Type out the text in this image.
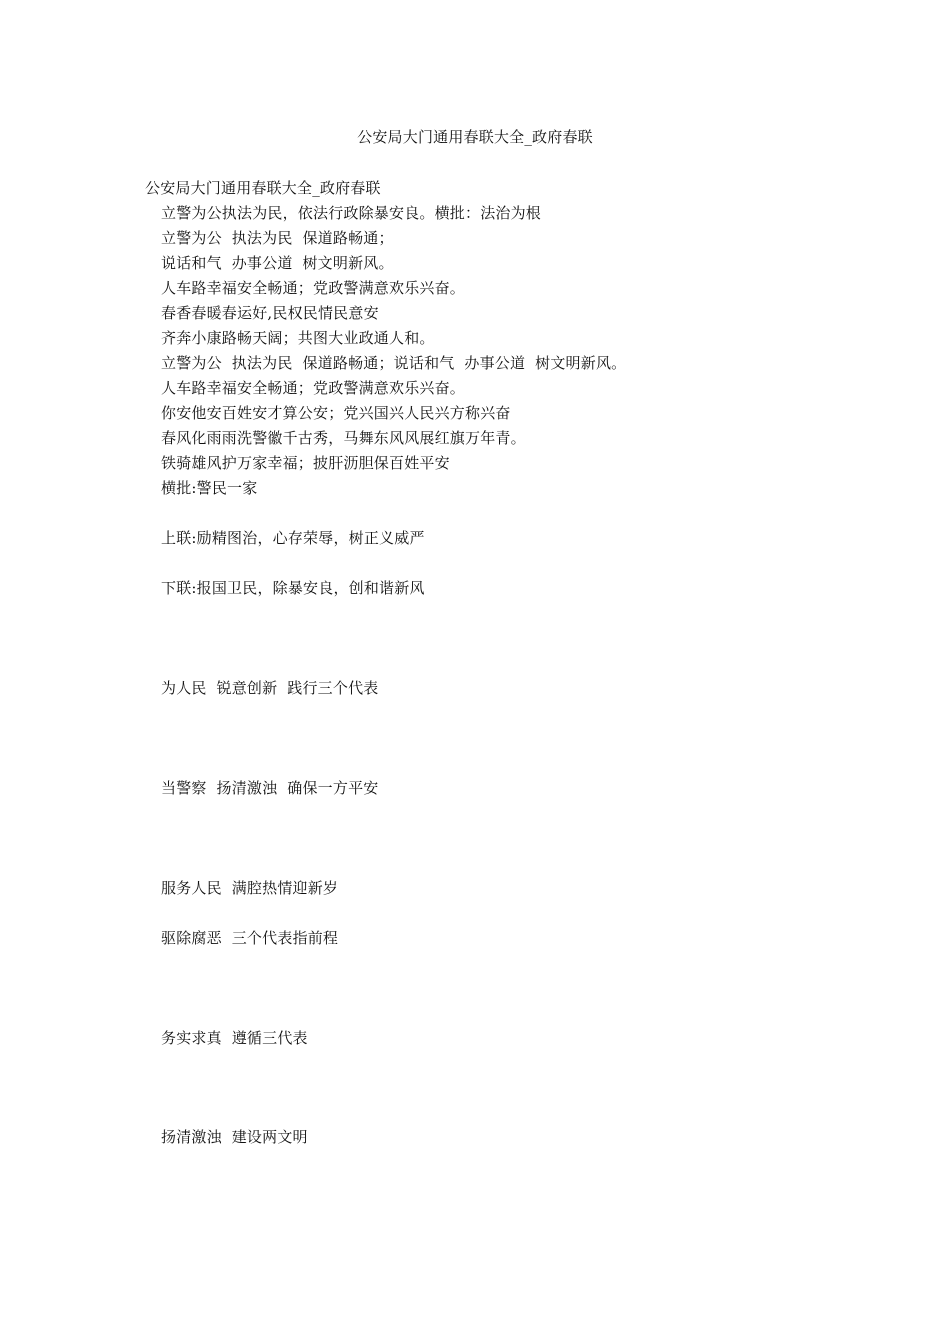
公安局大门通用春联大全_政府春联
公安局大门通用春联大全_政府春联
立警为公执法为民，依法行政除暴安良。横批：法治为根
立警为公  执法为民  保道路畅通；
说话和气  办事公道  树文明新风。
人车路幸福安全畅通；党政警满意欢乐兴奋。
春香春暖春运好,民权民情民意安
齐奔小康路畅天阔；共图大业政通人和。
立警为公  执法为民  保道路畅通；说话和气  办事公道  树文明新风。
人车路幸福安全畅通；党政警满意欢乐兴奋。
你安他安百姓安才算公安；党兴国兴人民兴方称兴奋
春风化雨雨洗警徽千古秀，马舞东风风展红旗万年青。
铁骑雄风护万家幸福；披肝沥胆保百姓平安
横批:警民一家
上联:励精图治，心存荣辱，树正义威严
下联:报国卫民，除暴安良，创和谐新风
为人民  锐意创新  践行三个代表
当警察  扬清激浊  确保一方平安
服务人民  满腔热情迎新岁
驱除腐恶  三个代表指前程
务实求真  遵循三代表
扬清激浊  建设两文明
